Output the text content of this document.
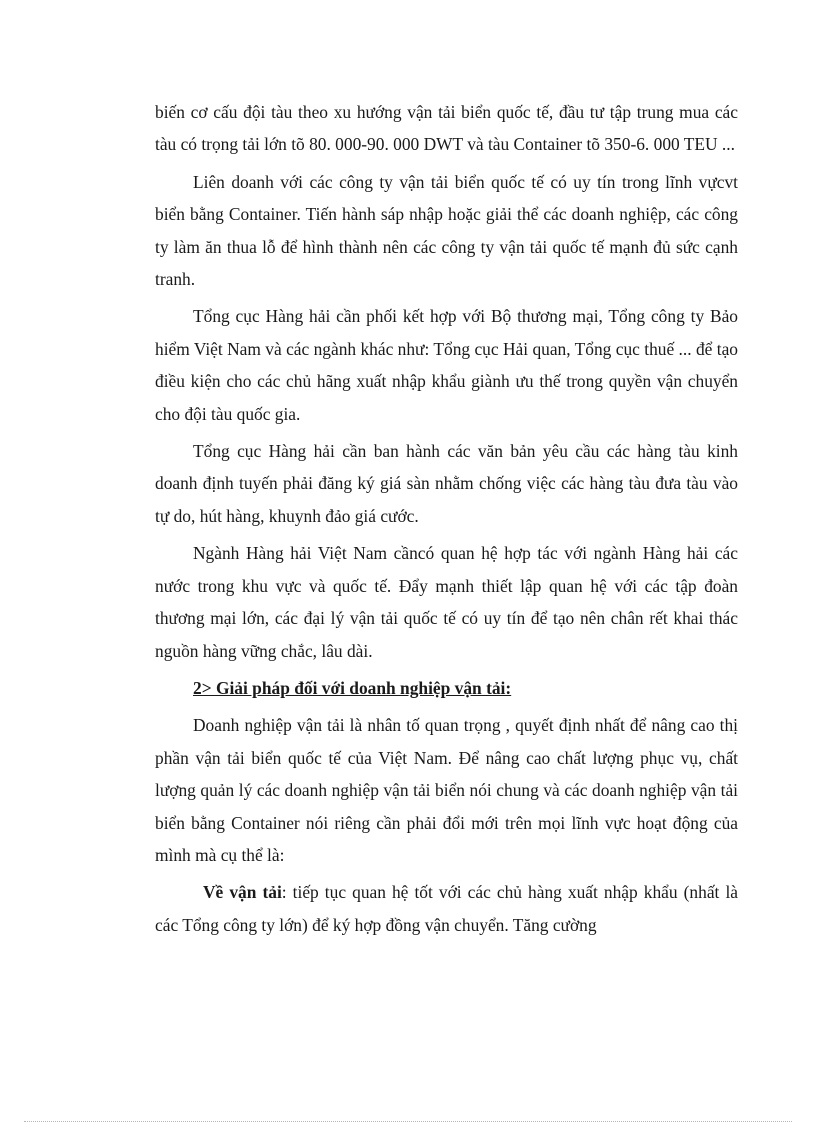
biến cơ cấu đội tàu theo xu hướng vận tải biển quốc tế, đầu tư tập trung mua các tàu có trọng tải lớn tõ 80. 000-90. 000 DWT và tàu Container tõ 350-6. 000 TEU ...

Liên doanh với các công ty vận tải biển quốc tế có uy tín trong lĩnh vựcvt biển bằng Container. Tiến hành sáp nhập hoặc giải thể các doanh nghiệp, các công ty làm ăn thua lỗ để hình thành nên các công ty vận tải quốc tế mạnh đủ sức cạnh tranh.

Tổng cục Hàng hải cần phối kết hợp với Bộ thương mại, Tổng công ty Bảo hiểm Việt Nam và các ngành khác như: Tổng cục Hải quan, Tổng cục thuế ... để tạo điều kiện cho các chủ hãng xuất nhập khẩu giành ưu thế trong quyền vận chuyển cho đội tàu quốc gia.

Tổng cục Hàng hải cần ban hành các văn bản yêu cầu các hàng tàu kinh doanh định tuyến phải đăng ký giá sàn nhằm chống việc các hàng tàu đưa tàu vào tự do, hút hàng, khuynh đảo giá cước.

Ngành Hàng hải Việt Nam cầncó quan hệ hợp tác với ngành Hàng hải các nước trong khu vực và quốc tế. Đẩy mạnh thiết lập quan hệ với các tập đoàn thương mại lớn, các đại lý vận tải quốc tế có uy tín để tạo nên chân rết khai thác nguồn hàng vững chắc, lâu dài.

2> Giải pháp đối với doanh nghiệp vận tải:

Doanh nghiệp vận tải là nhân tố quan trọng , quyết định nhất để nâng cao thị phần vận tải biển quốc tế của Việt Nam. Để nâng cao chất lượng phục vụ, chất lượng quản lý các doanh nghiệp vận tải biển nói chung và các doanh nghiệp vận tải biển bằng Container nói riêng cần phải đổi mới trên mọi lĩnh vực hoạt động của mình mà cụ thể là:

Về vận tải: tiếp tục quan hệ tốt với các chủ hàng xuất nhập khẩu (nhất là các Tổng công ty lớn) để ký hợp đồng vận chuyển. Tăng cường
